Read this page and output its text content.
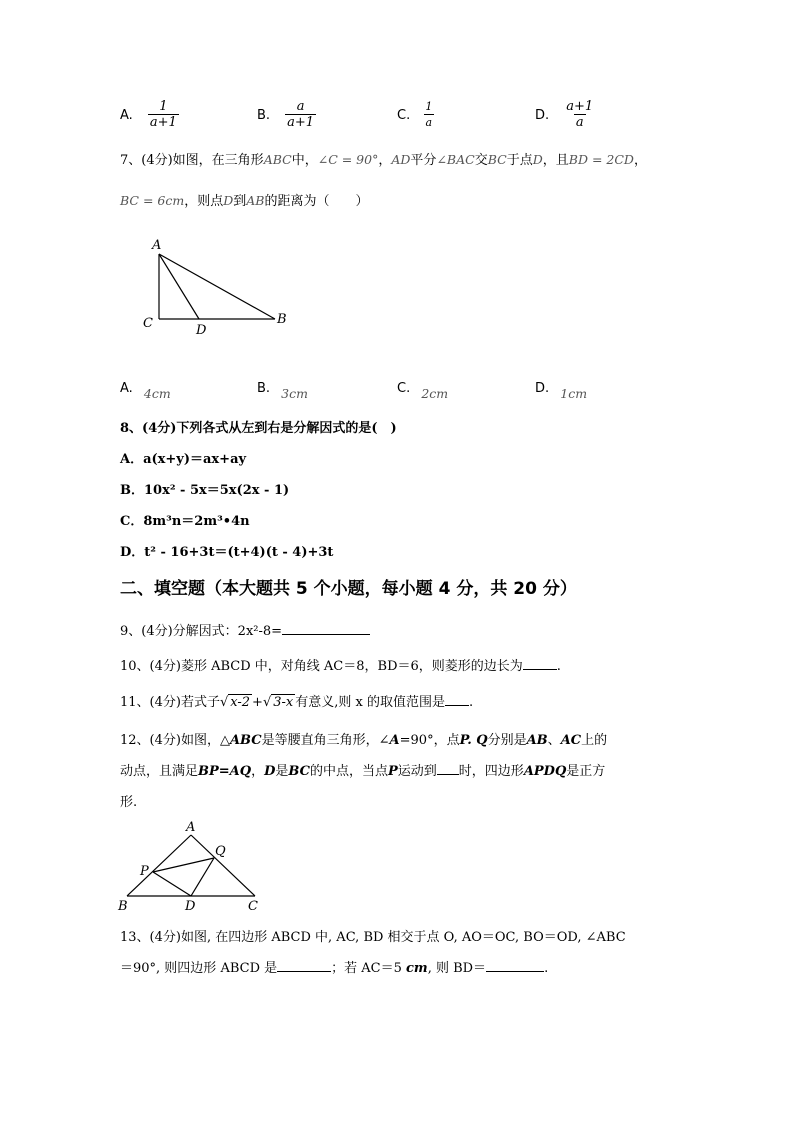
A. $\frac{1}{a+1}$	B. $\frac{a}{a+1}$	C. $\frac{1}{a}$	D. $\frac{a+1}{a}$
7、(4分)如图，在三角形ABC中，∠C = 90°，AD平分∠BAC交BC于点D，且BD = 2CD，
BC = 6cm，则点D到AB的距离为（　　）
A
C	D
B
A. $_{4cm}$	B. $_{3cm}$	C. $_{2cm}$	D. $_{1cm}$
8、(4分)下列各式从左到右是分解因式的是(　)
A．a(x+y)＝ax+ay
B．10x² - 5x＝5x(2x - 1)
C．8m³n＝2m³•4n
D．t² - 16+3t＝(t+4)(t - 4)+3t
二、填空题（本大题共 5 个小题，每小题 4 分，共 20 分）
9、(4分)分解因式：2x²-8=
10、(4分)菱形 ABCD 中，对角线 AC＝8，BD＝6，则菱形的边长为	.
11、(4分)若式子√ x-2 +√ 3-x 有意义,则 x 的取值范围是 .
12、(4分)如图，△ABC是等腰直角三角形，∠A=90°，点P. Q分别是AB、AC上的
动点，且满足BP=AQ，D是BC的中点，当点P运动到 时，四边形APDQ是正方
形.
A
Q
P
B	D	C
13、(4分)如图, 在四边形 ABCD 中, AC, BD 相交于点 O, AO＝OC, BO＝OD, ∠ABC
＝90°, 则四边形 ABCD 是	；若 AC＝5 cm, 则 BD＝	.
